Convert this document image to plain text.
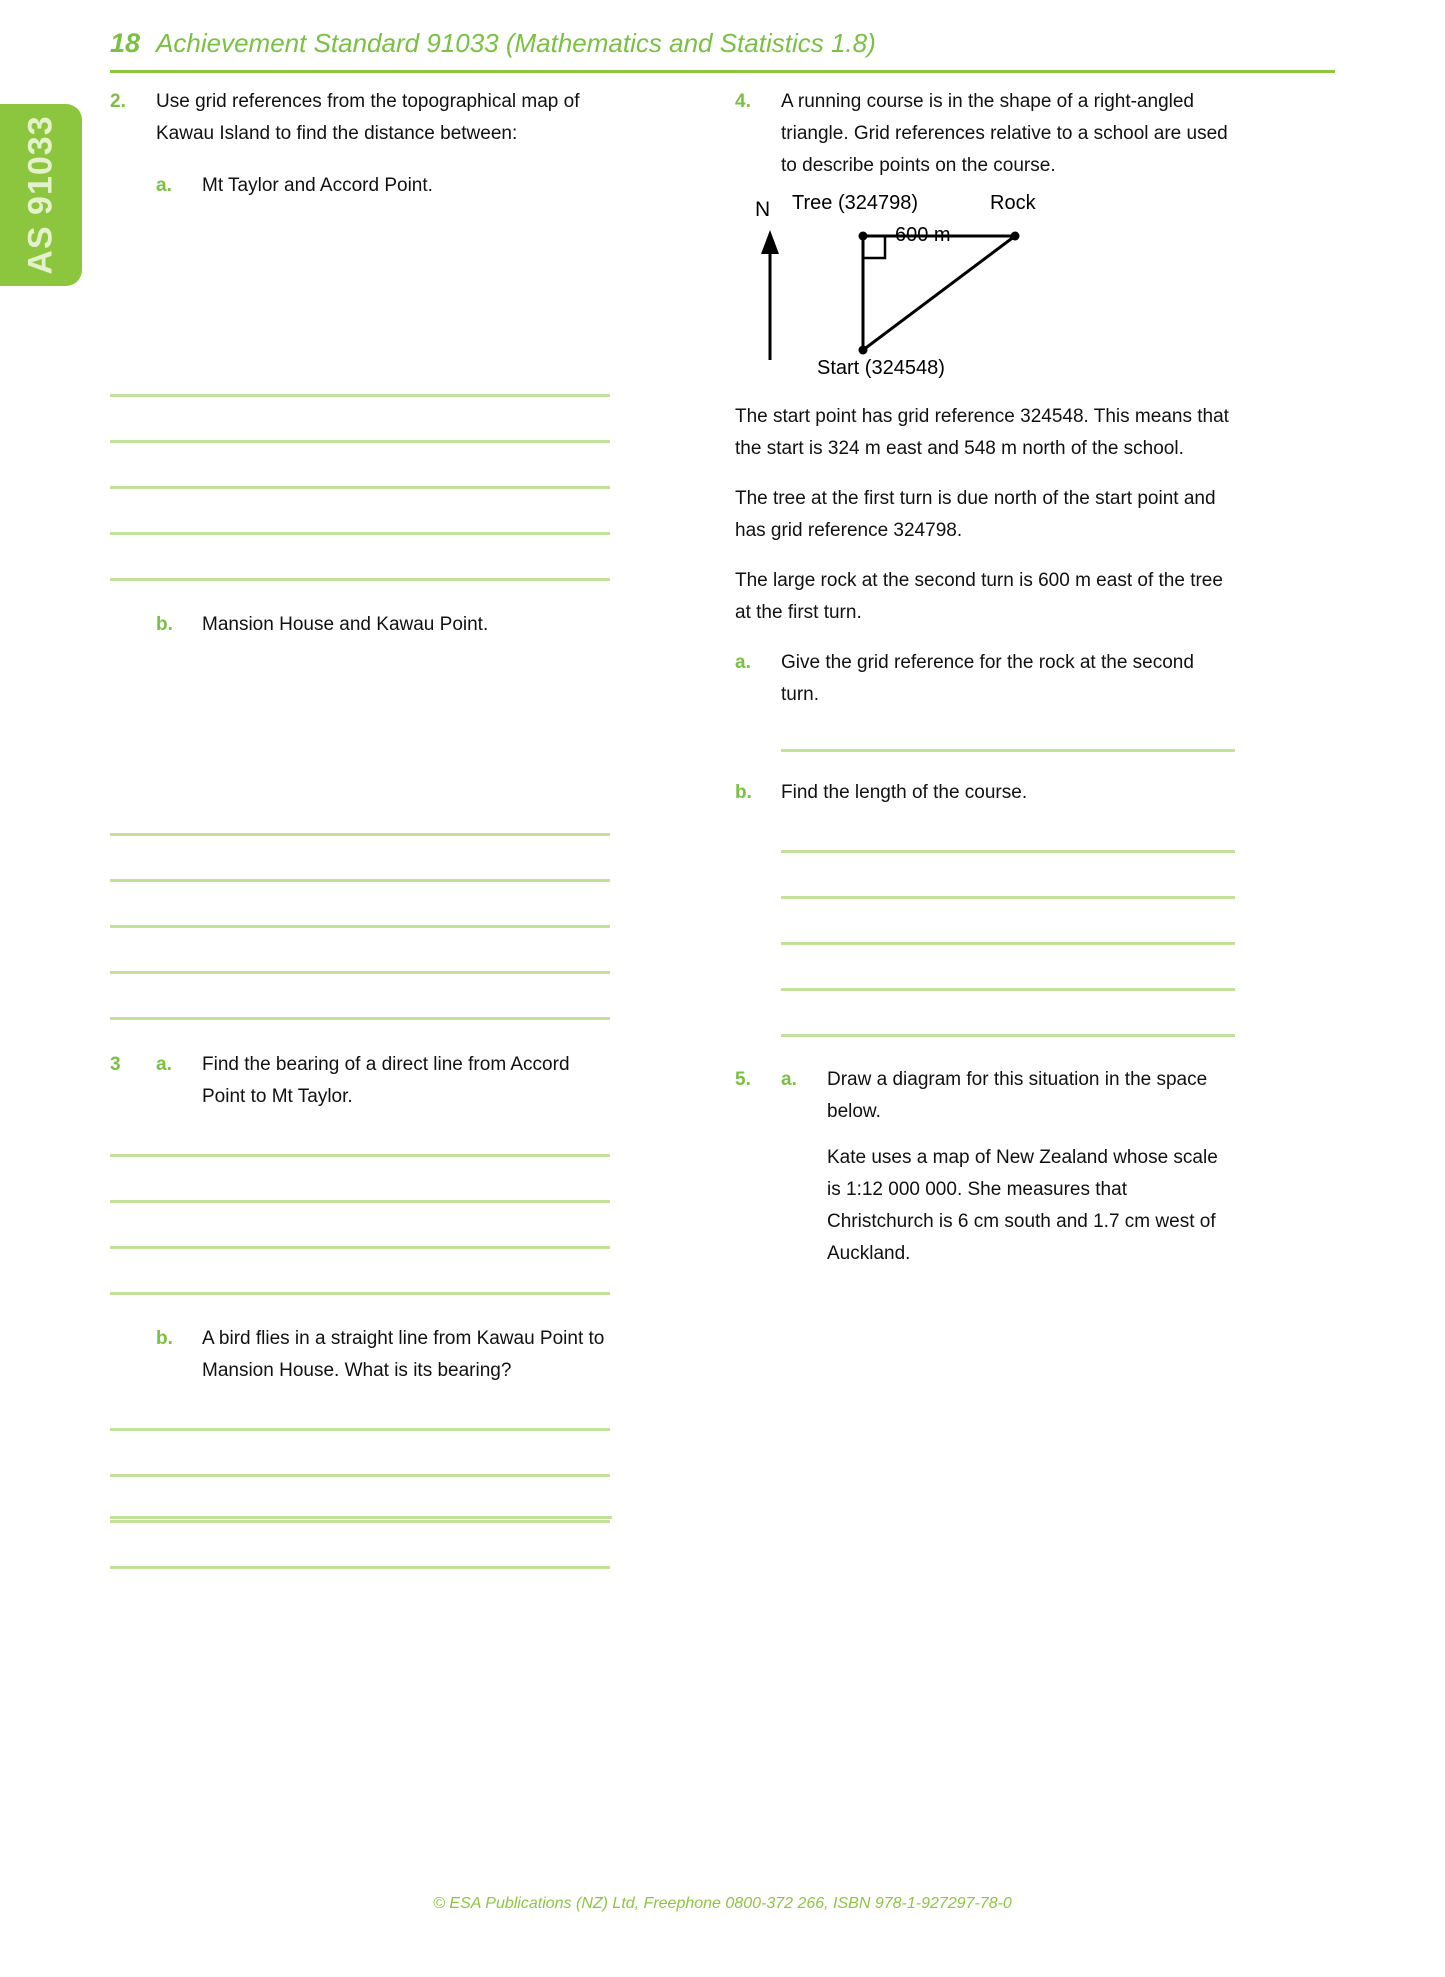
AS 91033
18 Achievement Standard 91033 (Mathematics and Statistics 1.8)
2.	Use grid references from the topographical map of Kawau Island to find the distance between:
a.	Mt Taylor and Accord Point.
b.	Mansion House and Kawau Point.
3	a.	Find the bearing of a direct line from Accord Point to Mt Taylor.
b.	A bird flies in a straight line from Kawau Point to Mansion House. What is its bearing?
4.	A running course is in the shape of a right-angled triangle. Grid references relative to a school are used to describe points on the course.
N Tree (324798)	Rock
600 m
Start (324548)
The start point has grid reference 324548. This means that the start is 324 m east and 548 m north of the school.
The tree at the first turn is due north of the start point and has grid reference 324798.
The large rock at the second turn is 600 m east of the tree at the first turn.
a.	Give the grid reference for the rock at the second turn.
b.	Find the length of the course.
5.	a.	Draw a diagram for this situation in the space below.
Kate uses a map of New Zealand whose scale is 1:12 000 000. She measures that Christchurch is 6 cm south and 1.7 cm west of Auckland.
© ESA Publications (NZ) Ltd, Freephone 0800-372 266, ISBN 978-1-927297-78-0
